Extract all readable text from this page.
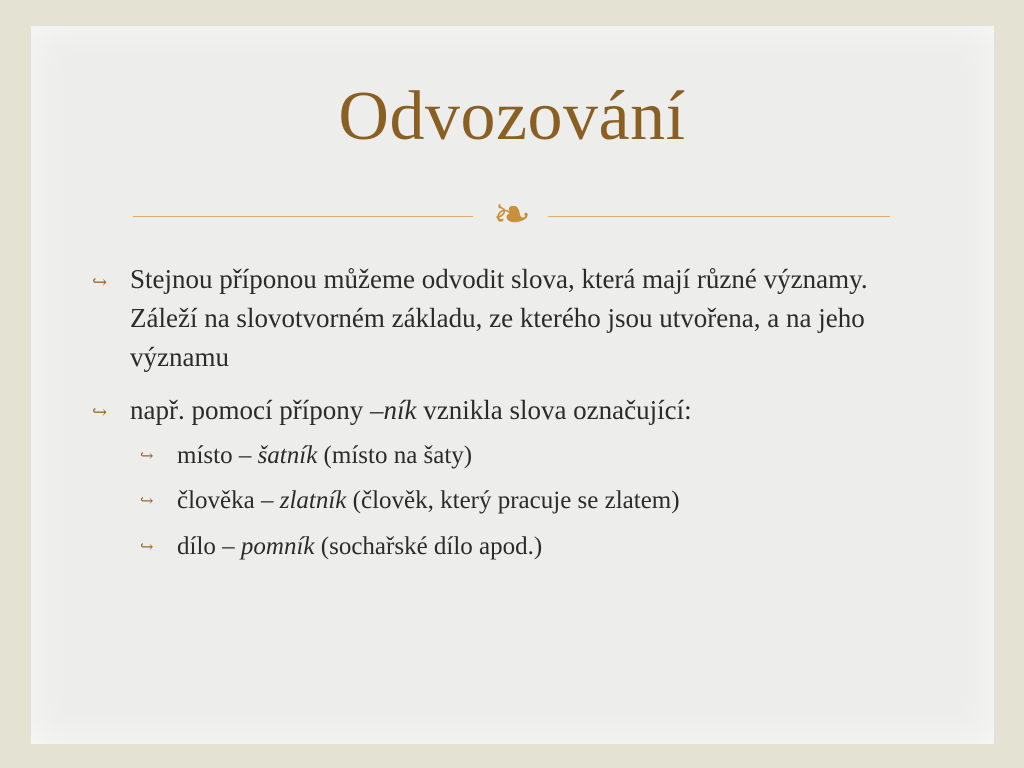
Odvozování
❧
↪ Stejnou příponou můžeme odvodit slova, která mají různé významy. Záleží na slovotvorném základu, ze kterého jsou utvořena, a na jeho významu
↪ např. pomocí přípony –ník vznikla slova označující:
↪ místo – šatník (místo na šaty)
↪ člověka – zlatník (člověk, který pracuje se zlatem)
↪ dílo – pomník (sochařské dílo apod.)
